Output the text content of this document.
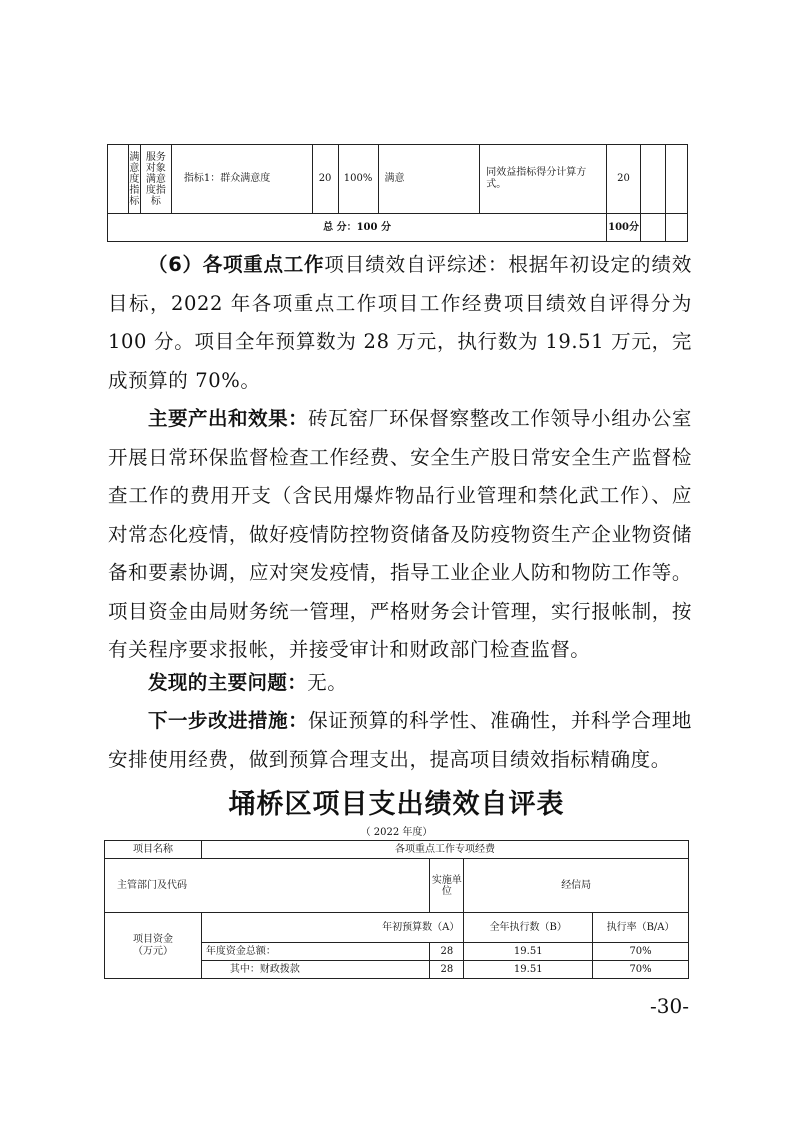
	满意度指标	服务对象满意度指标	指标1：群众满意度	20	100%	满意	同效益指标得分计算方式。	20		
总 分：100 分								100分		

（6）各项重点工作项目绩效自评综述：根据年初设定的绩效目标，2022 年各项重点工作项目工作经费项目绩效自评得分为 100 分。项目全年预算数为 28 万元，执行数为 19.51 万元，完成预算的 70%。

主要产出和效果：砖瓦窑厂环保督察整改工作领导小组办公室开展日常环保监督检查工作经费、安全生产股日常安全生产监督检查工作的费用开支（含民用爆炸物品行业管理和禁化武工作）、应对常态化疫情，做好疫情防控物资储备及防疫物资生产企业物资储备和要素协调，应对突发疫情，指导工业企业人防和物防工作等。项目资金由局财务统一管理，严格财务会计管理，实行报帐制，按有关程序要求报帐，并接受审计和财政部门检查监督。

发现的主要问题：无。

下一步改进措施：保证预算的科学性、准确性，并科学合理地安排使用经费，做到预算合理支出，提高项目绩效指标精确度。

埇桥区项目支出绩效自评表
（ 2022 年度）
项目名称	各项重点工作专项经费			
主管部门及代码		实施单位	经信局	
项目资金（万元）	年初预算数（A）		全年执行数（B）	执行率（B/A）
	年度资金总额：	28	19.51	70%
	其中：财政拨款	28	19.51	70%
-30-
